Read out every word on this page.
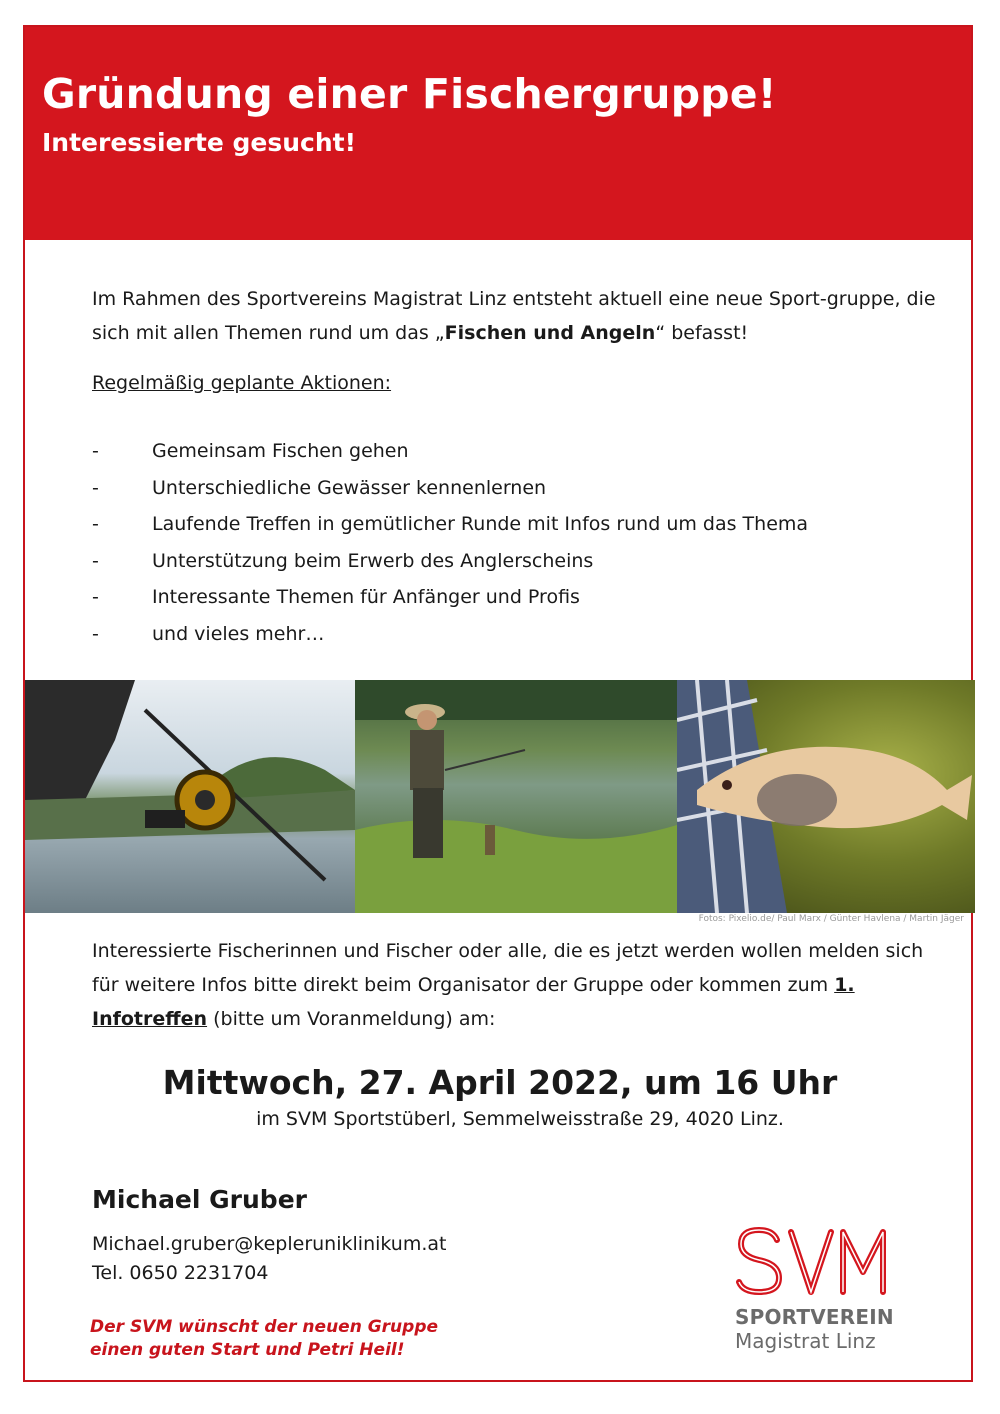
Gründung einer Fischergruppe!
Interessierte gesucht!

Im Rahmen des Sportvereins Magistrat Linz entsteht aktuell eine neue Sport-gruppe, die sich mit allen Themen rund um das „Fischen und Angeln“ befasst!

Regelmäßig geplante Aktionen:

-	Gemeinsam Fischen gehen
-	Unterschiedliche Gewässer kennenlernen
-	Laufende Treffen in gemütlicher Runde mit Infos rund um das Thema
-	Unterstützung beim Erwerb des Anglerscheins
-	Interessante Themen für Anfänger und Profis
-	und vieles mehr…

Fotos: Pixelio.de/ Paul Marx / Günter Havlena / Martin Jäger

Interessierte Fischerinnen und Fischer oder alle, die es jetzt werden wollen melden sich für weitere Infos bitte direkt beim Organisator der Gruppe oder kommen zum 1. Infotreffen (bitte um Voranmeldung) am:

Mittwoch, 27. April 2022, um 16 Uhr

im SVM Sportstüberl, Semmelweisstraße 29, 4020 Linz.

Michael Gruber

Michael.gruber@kepleruniklinikum.at

Tel. 0650 2231704

Der SVM wünscht der neuen Gruppe
einen guten Start und Petri Heil!

SPORTVEREIN

Magistrat Linz
